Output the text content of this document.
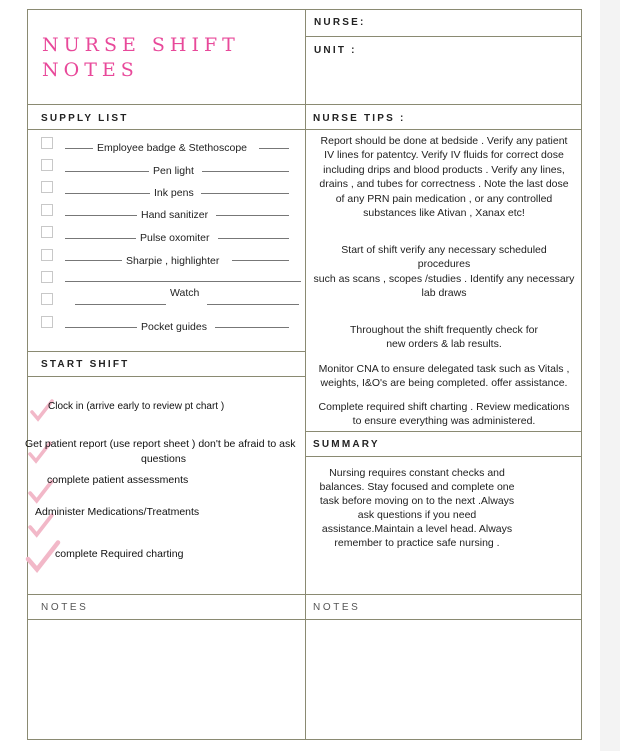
NURSE SHIFT
NOTES
NURSE:
UNIT :
SUPPLY LIST
Employee badge & Stethoscope
Pen light
Ink pens
Hand sanitizer
Pulse oxomiter
Sharpie , highlighter
Watch
Pocket guides
NURSE TIPS :
Report should be done at bedside . Verify any patient
IV lines for patentcy. Verify IV fluids for correct dose
including drips and blood products . Verify any lines,
drains , and tubes for correctness . Note the last dose
of any PRN pain medication , or any controlled
substances like Ativan , Xanax etc!
Start of shift verify any necessary scheduled
procedures
such as scans , scopes /studies . Identify any necessary
lab draws
Throughout the shift frequently check for
new orders & lab results.
Monitor CNA to ensure delegated task such as Vitals ,
weights, I&O's are being completed. offer assistance.
Complete required shift charting . Review medications
to ensure everything was administered.
START SHIFT
Clock in (arrive early to review pt chart )
Get patient report (use report sheet ) don't be afraid to ask
questions
complete patient assessments
Administer Medications/Treatments
complete Required charting
SUMMARY
Nursing requires constant checks and
balances. Stay focused and complete one
task before moving on to the next .Always
ask questions if you need
assistance.Maintain a level head. Always
remember to practice safe nursing .
NOTES	NOTES
